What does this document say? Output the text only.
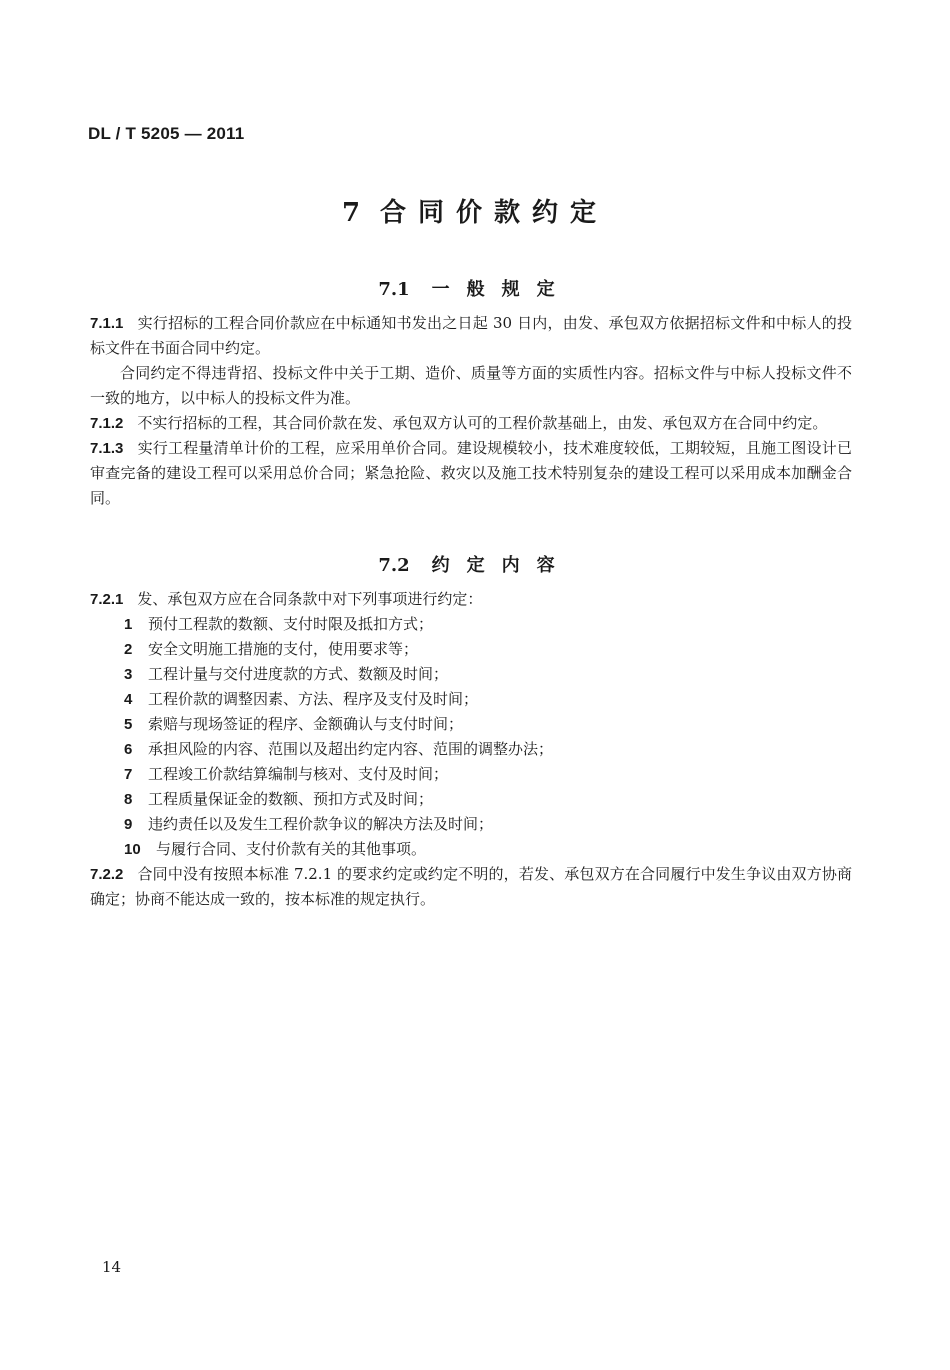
DL / T 5205 — 2011
7 合同价款约定
7.1 一般规定

7.1.1 实行招标的工程合同价款应在中标通知书发出之日起 30 日内，由发、承包双方依据招标文件和中标人的投标文件在书面合同中约定。

合同约定不得违背招、投标文件中关于工期、造价、质量等方面的实质性内容。招标文件与中标人投标文件不一致的地方，以中标人的投标文件为准。

7.1.2 不实行招标的工程，其合同价款在发、承包双方认可的工程价款基础上，由发、承包双方在合同中约定。

7.1.3 实行工程量清单计价的工程，应采用单价合同。建设规模较小，技术难度较低，工期较短，且施工图设计已审查完备的建设工程可以采用总价合同；紧急抢险、救灾以及施工技术特别复杂的建设工程可以采用成本加酬金合同。

7.2 约定内容

7.2.1 发、承包双方应在合同条款中对下列事项进行约定：

1 预付工程款的数额、支付时限及抵扣方式；

2 安全文明施工措施的支付，使用要求等；

3 工程计量与交付进度款的方式、数额及时间；

4 工程价款的调整因素、方法、程序及支付及时间；

5 索赔与现场签证的程序、金额确认与支付时间；

6 承担风险的内容、范围以及超出约定内容、范围的调整办法；

7 工程竣工价款结算编制与核对、支付及时间；

8 工程质量保证金的数额、预扣方式及时间；

9 违约责任以及发生工程价款争议的解决方法及时间；

10 与履行合同、支付价款有关的其他事项。

7.2.2 合同中没有按照本标准 7.2.1 的要求约定或约定不明的，若发、承包双方在合同履行中发生争议由双方协商确定；协商不能达成一致的，按本标准的规定执行。

14
